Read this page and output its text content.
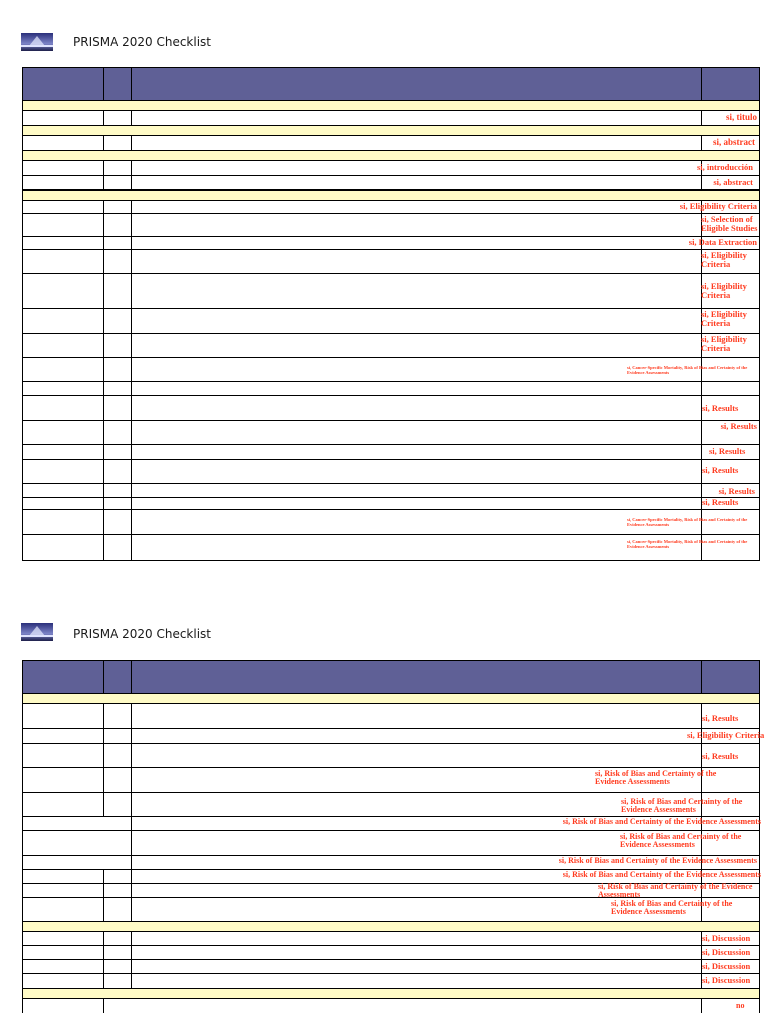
PRISMA 2020 Checklist
si, titulo
si, abstract
si, introducción
si, abstract
si, Eligibility Criteria
si, Selection of Eligible Studies
si, Data Extraction
si, Eligibility Criteria
si, Eligibility Criteria
si, Eligibility Criteria
si, Eligibility Criteria
si, Cancer-Specific Mortality, Risk of Bias and Certainty of the Evidence Assessments
si, Results
si, Results
si, Results
si, Results
si, Results
si, Results
si, Cancer-Specific Mortality, Risk of Bias and Certainty of the Evidence Assessments
si, Cancer-Specific Mortality, Risk of Bias and Certainty of the Evidence Assessments
PRISMA 2020 Checklist
si, Results
si, Eligibility Criteria
si, Results
si, Risk of Bias and Certainty of the Evidence Assessments
si, Risk of Bias and Certainty of the Evidence Assessments
si, Risk of Bias and Certainty of the Evidence Assessments
si, Risk of Bias and Certainty of the Evidence Assessments
si, Risk of Bias and Certainty of the Evidence Assessments
si, Risk of Bias and Certainty of the Evidence Assessments
si, Risk of Bias and Certainty of the Evidence Assessments
si, Risk of Bias and Certainty of the Evidence Assessments
si, Discussion
si, Discussion
si, Discussion
si, Discussion
no
